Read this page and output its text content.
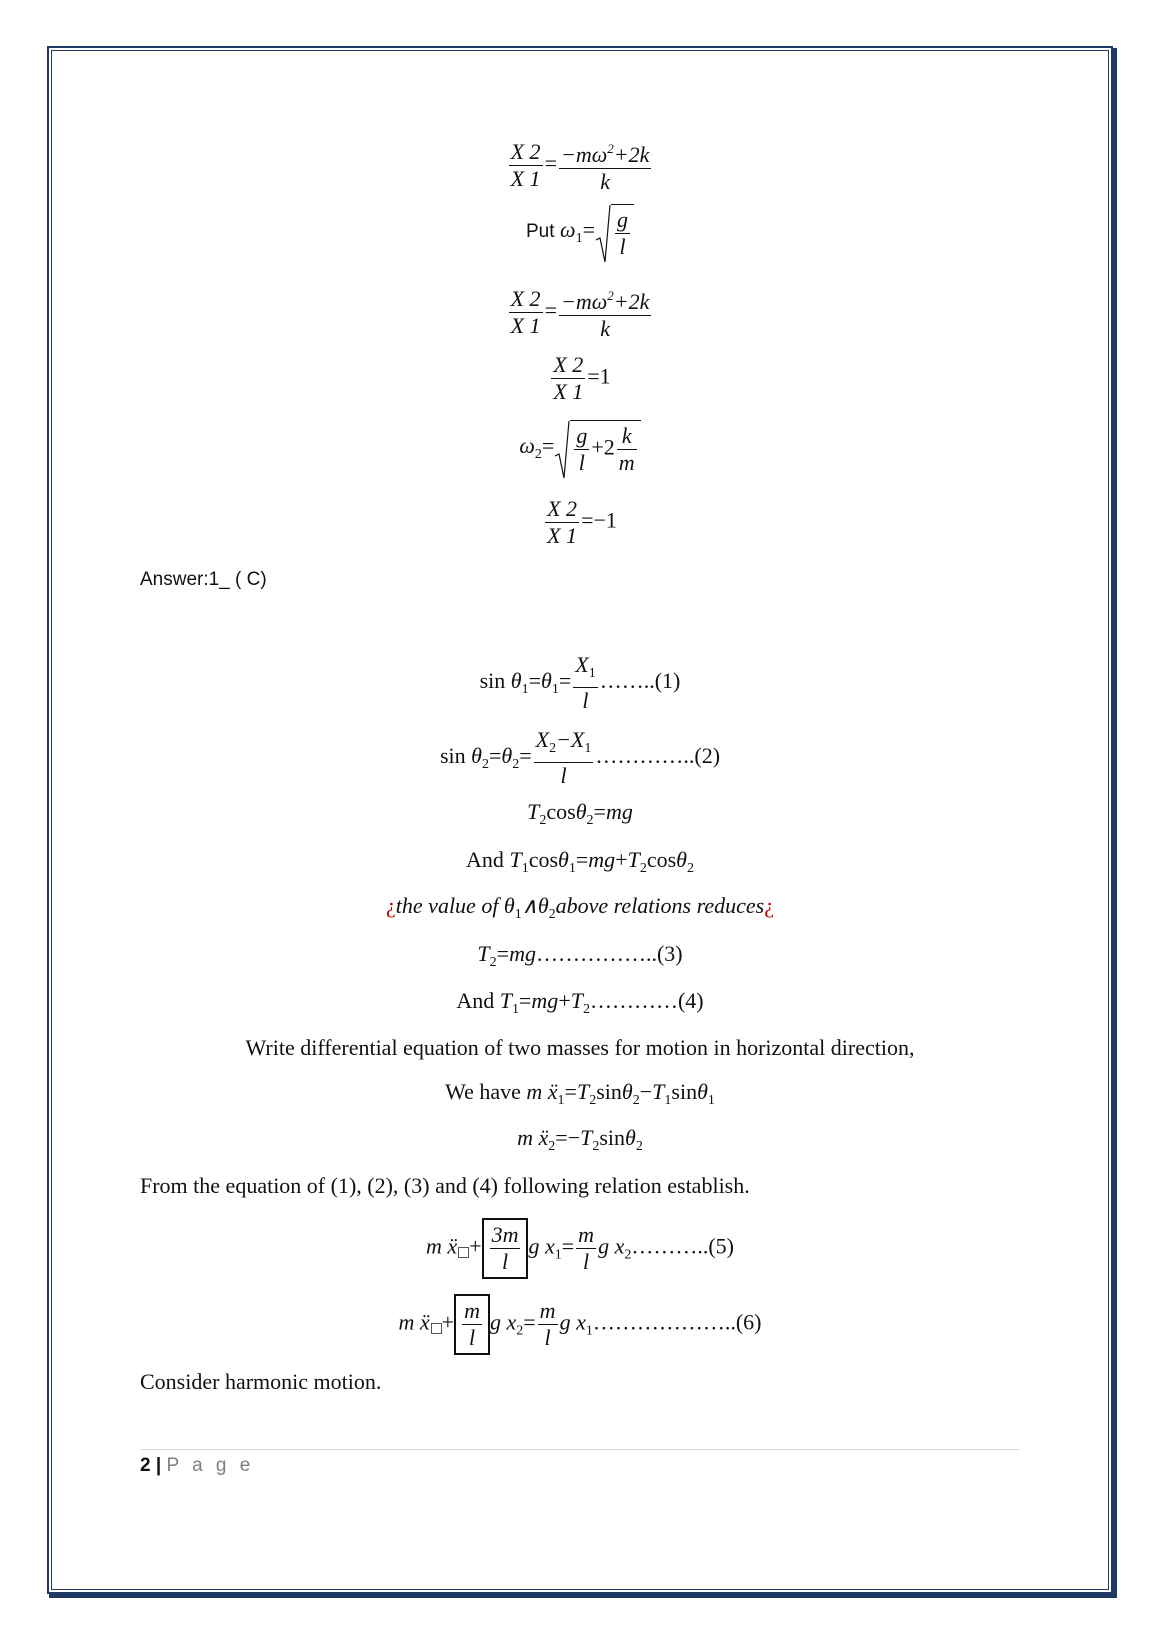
$\frac{X 2}{X 1} = \frac{-m\omega^2+2k}{k}$
Put $\omega_1= \frac{g}{l}$
$\frac{X 2}{X 1} = \frac{-m\omega^2+2k}{k}$
$\frac{X 2}{X 1} =1$
$\omega_2= \frac{g}{l} +2 \frac{k}{m}$
$\frac{X 2}{X 1} =-1$
Answer:1_ ( C)
$\sin \theta_1=\theta_1= \frac{X_1}{l}$ ……..(1)
$\sin \theta_2=\theta_2= \frac{X_2-X_1}{l}$ …………..(2)
$T_2\cos\theta_2=mg$
And $T_1\cos\theta_1=mg+T_2\cos\theta_2$
¿the value of $\theta_1\wedge\theta_2above$ relations reduces¿
$T_2=mg\dots\dots\dots\dots\dots..(3)$
And $T_1=mg+T_2\dots\dots\dots\dots(4)$
Write differential equation of two masses for motion in horizontal direction,
We have m $ẍ_1=T_2\sin\theta_2-T_1\sin\theta_1$
m $ẍ_2=-T_2\sin\theta_2$
From the equation of (1), (2), (3) and (4) following relation establish.
m ẍ + $\frac{3m}{l}$ g $x_1= \frac{m}{l}$ g $x_2\dots\dots\dots..(5)$
m ẍ + $\frac{m}{l}$ g $x_2= \frac{m}{l}$ g $x_1\dots\dots\dots\dots\dots\dots..(6)$
Consider harmonic motion.
2 | P a g e
